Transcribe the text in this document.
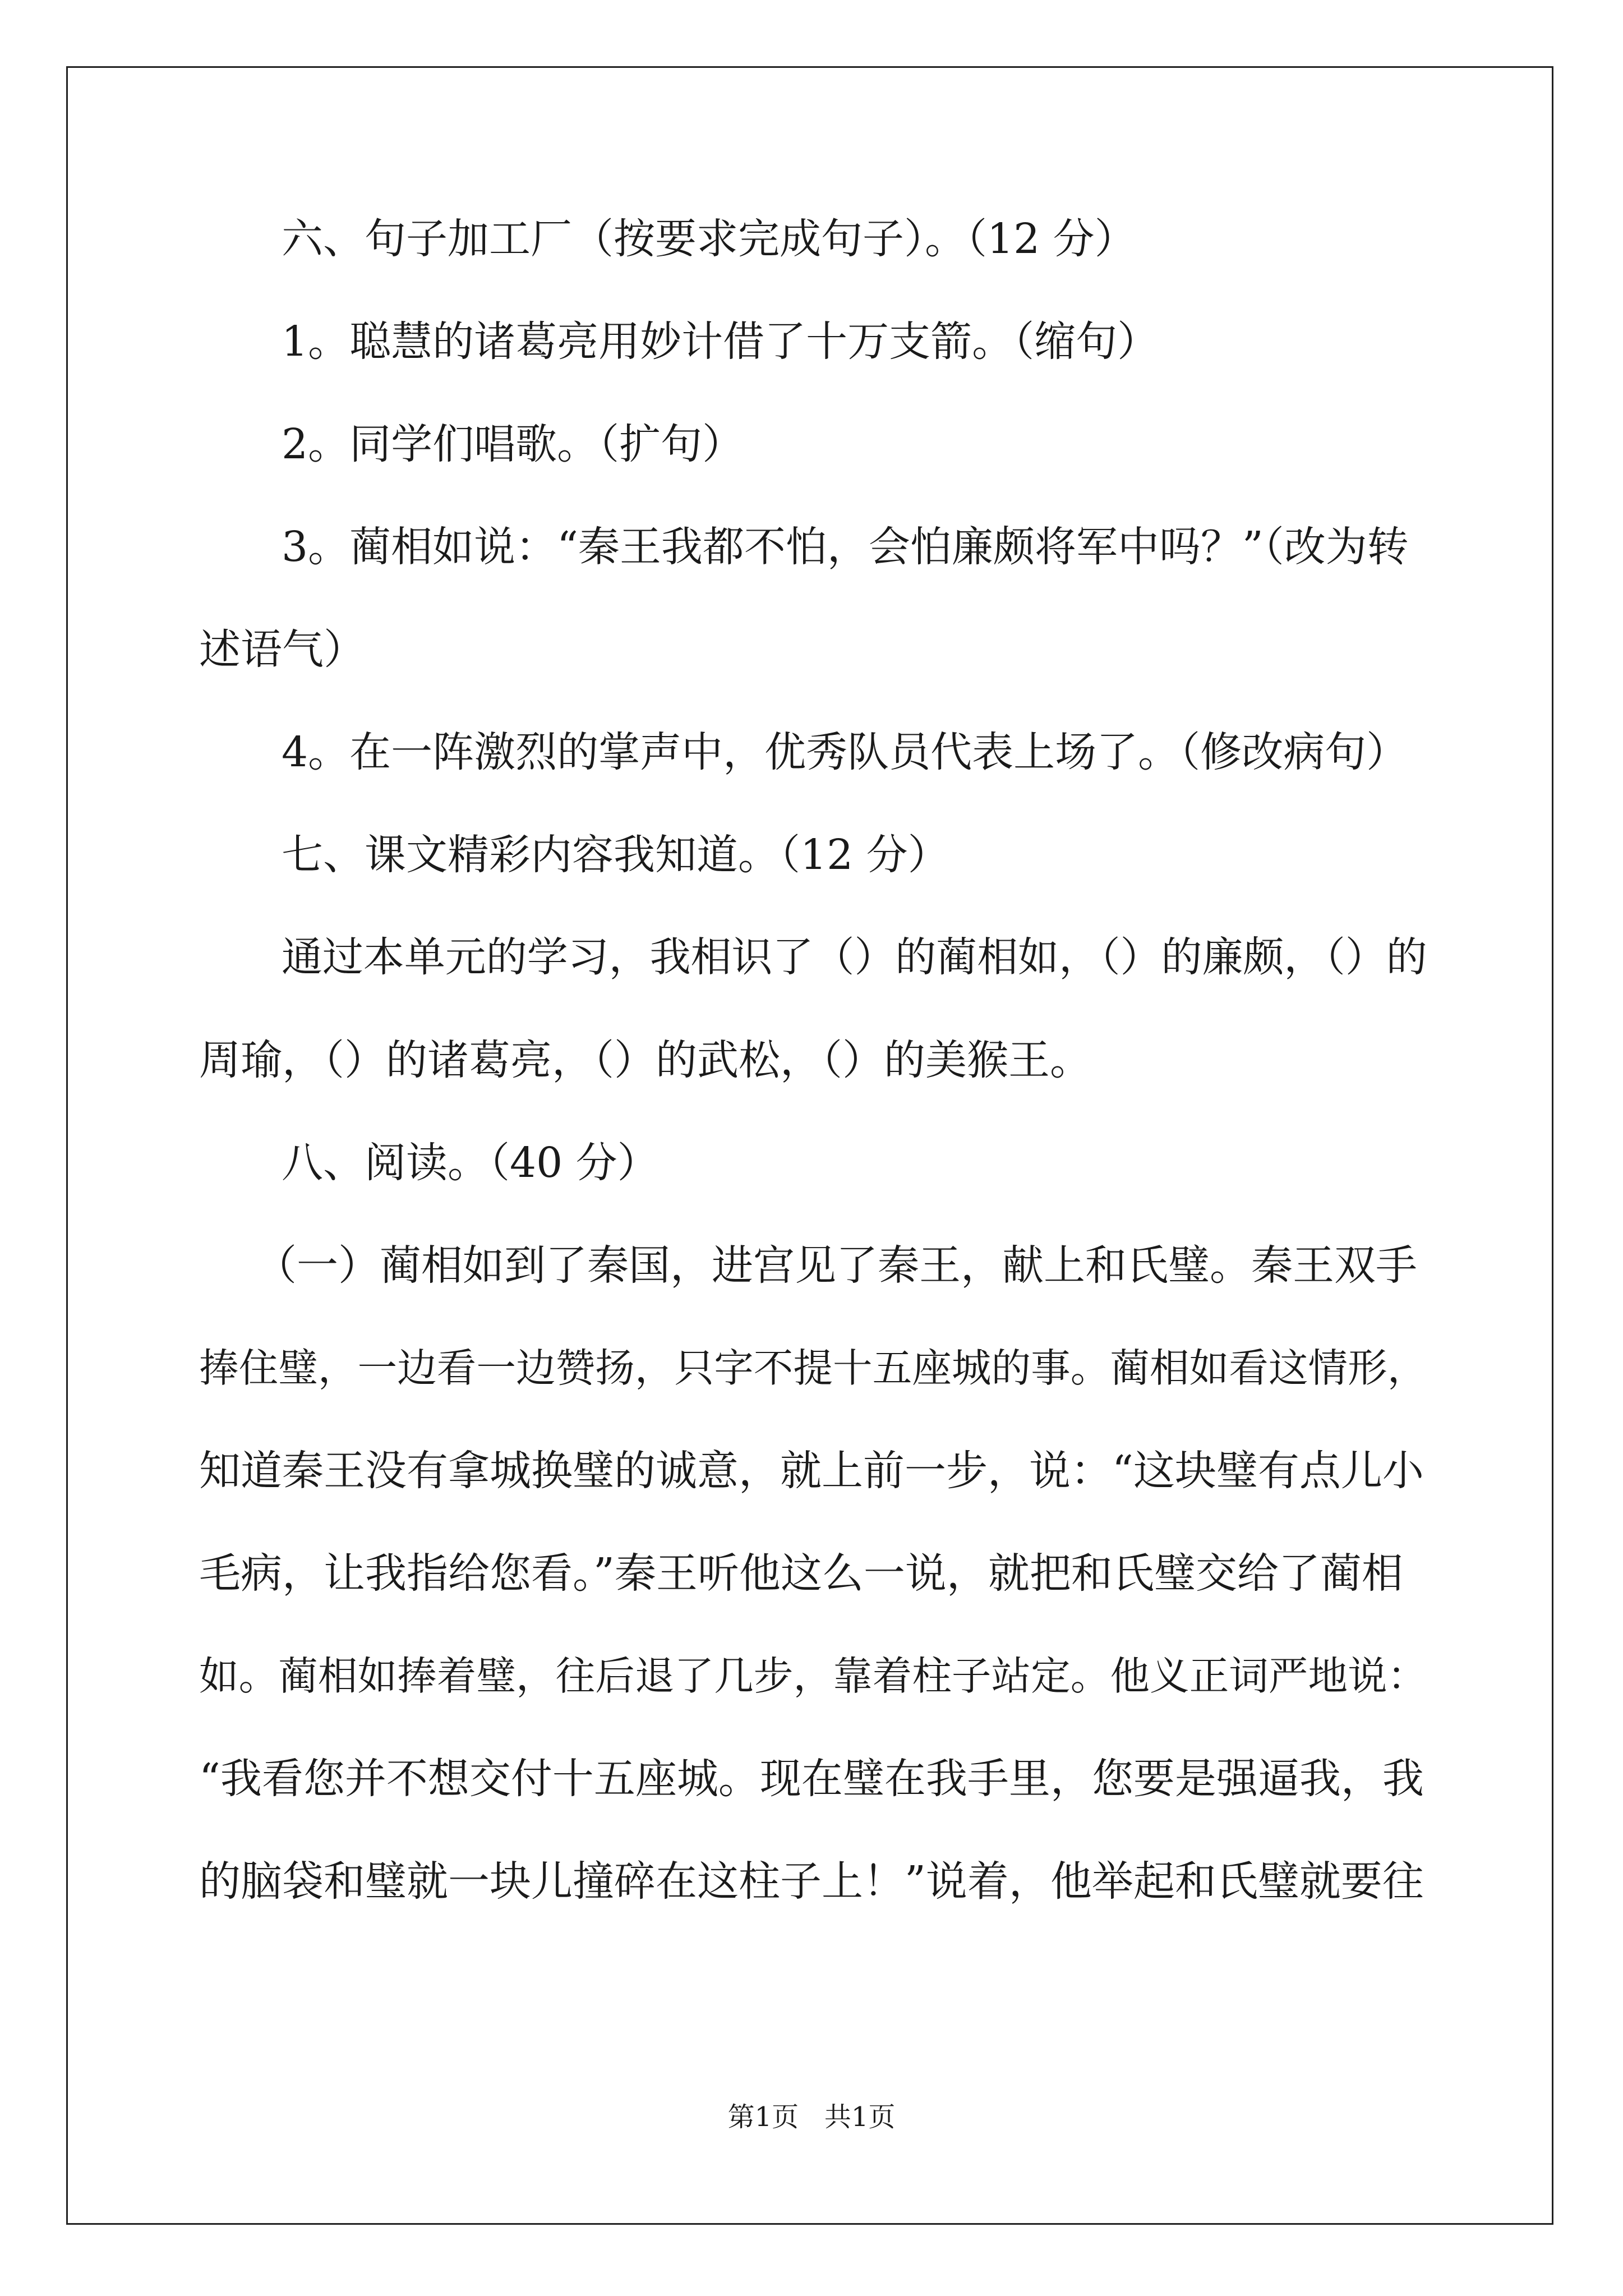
六、句子加工厂（按要求完成句子）。（12 分）

1。聪慧的诸葛亮用妙计借了十万支箭。（缩句）

2。同学们唱歌。（扩句）

3。蔺相如说：“秦王我都不怕，会怕廉颇将军中吗？”（改为转

述语气）

4。在一阵激烈的掌声中，优秀队员代表上场了。（修改病句）

七、课文精彩内容我知道。（12 分）

通过本单元的学习，我相识了（）的蔺相如，（）的廉颇，（）的

周瑜，（）的诸葛亮，（）的武松，（）的美猴王。

八、阅读。（40 分）

（一）蔺相如到了秦国，进宫见了秦王，献上和氏璧。秦王双手

捧住璧，一边看一边赞扬，只字不提十五座城的事。蔺相如看这情形，

知道秦王没有拿城换璧的诚意，就上前一步，说：“这块璧有点儿小

毛病，让我指给您看。”秦王听他这么一说，就把和氏璧交给了蔺相

如。蔺相如捧着璧，往后退了几步，靠着柱子站定。他义正词严地说：

“我看您并不想交付十五座城。现在璧在我手里，您要是强逼我，我

的脑袋和璧就一块儿撞碎在这柱子上！”说着，他举起和氏璧就要往

第1页   共1页
